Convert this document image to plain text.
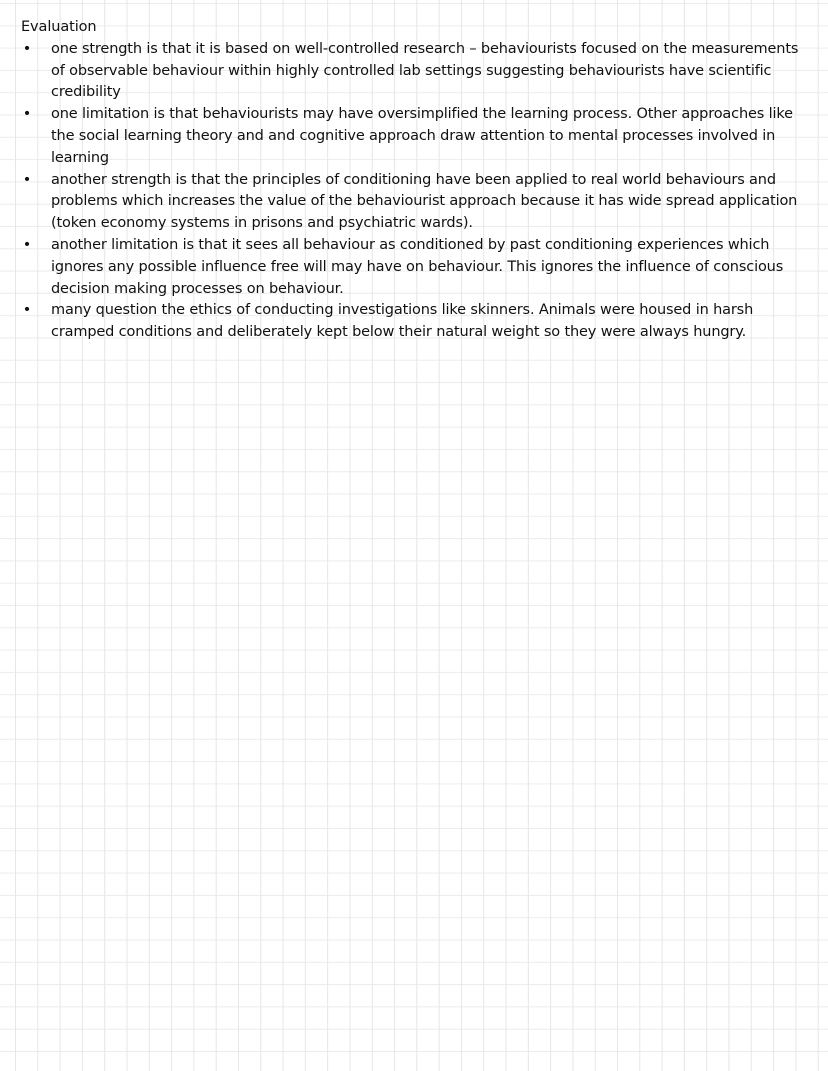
Evaluation
• one strength is that it is based on well-controlled research – behaviourists focused on the measurements of observable behaviour within highly controlled lab settings suggesting behaviourists have scientific credibility
• one limitation is that behaviourists may have oversimplified the learning process. Other approaches like the social learning theory and and cognitive approach draw attention to mental processes involved in learning
• another strength is that the principles of conditioning have been applied to real world behaviours and problems which increases the value of the behaviourist approach because it has wide spread application (token economy systems in prisons and psychiatric wards).
• another limitation is that it sees all behaviour as conditioned by past conditioning experiences which ignores any possible influence free will may have on behaviour. This ignores the influence of conscious decision making processes on behaviour.
• many question the ethics of conducting investigations like skinners. Animals were housed in harsh cramped conditions and deliberately kept below their natural weight so they were always hungry.
